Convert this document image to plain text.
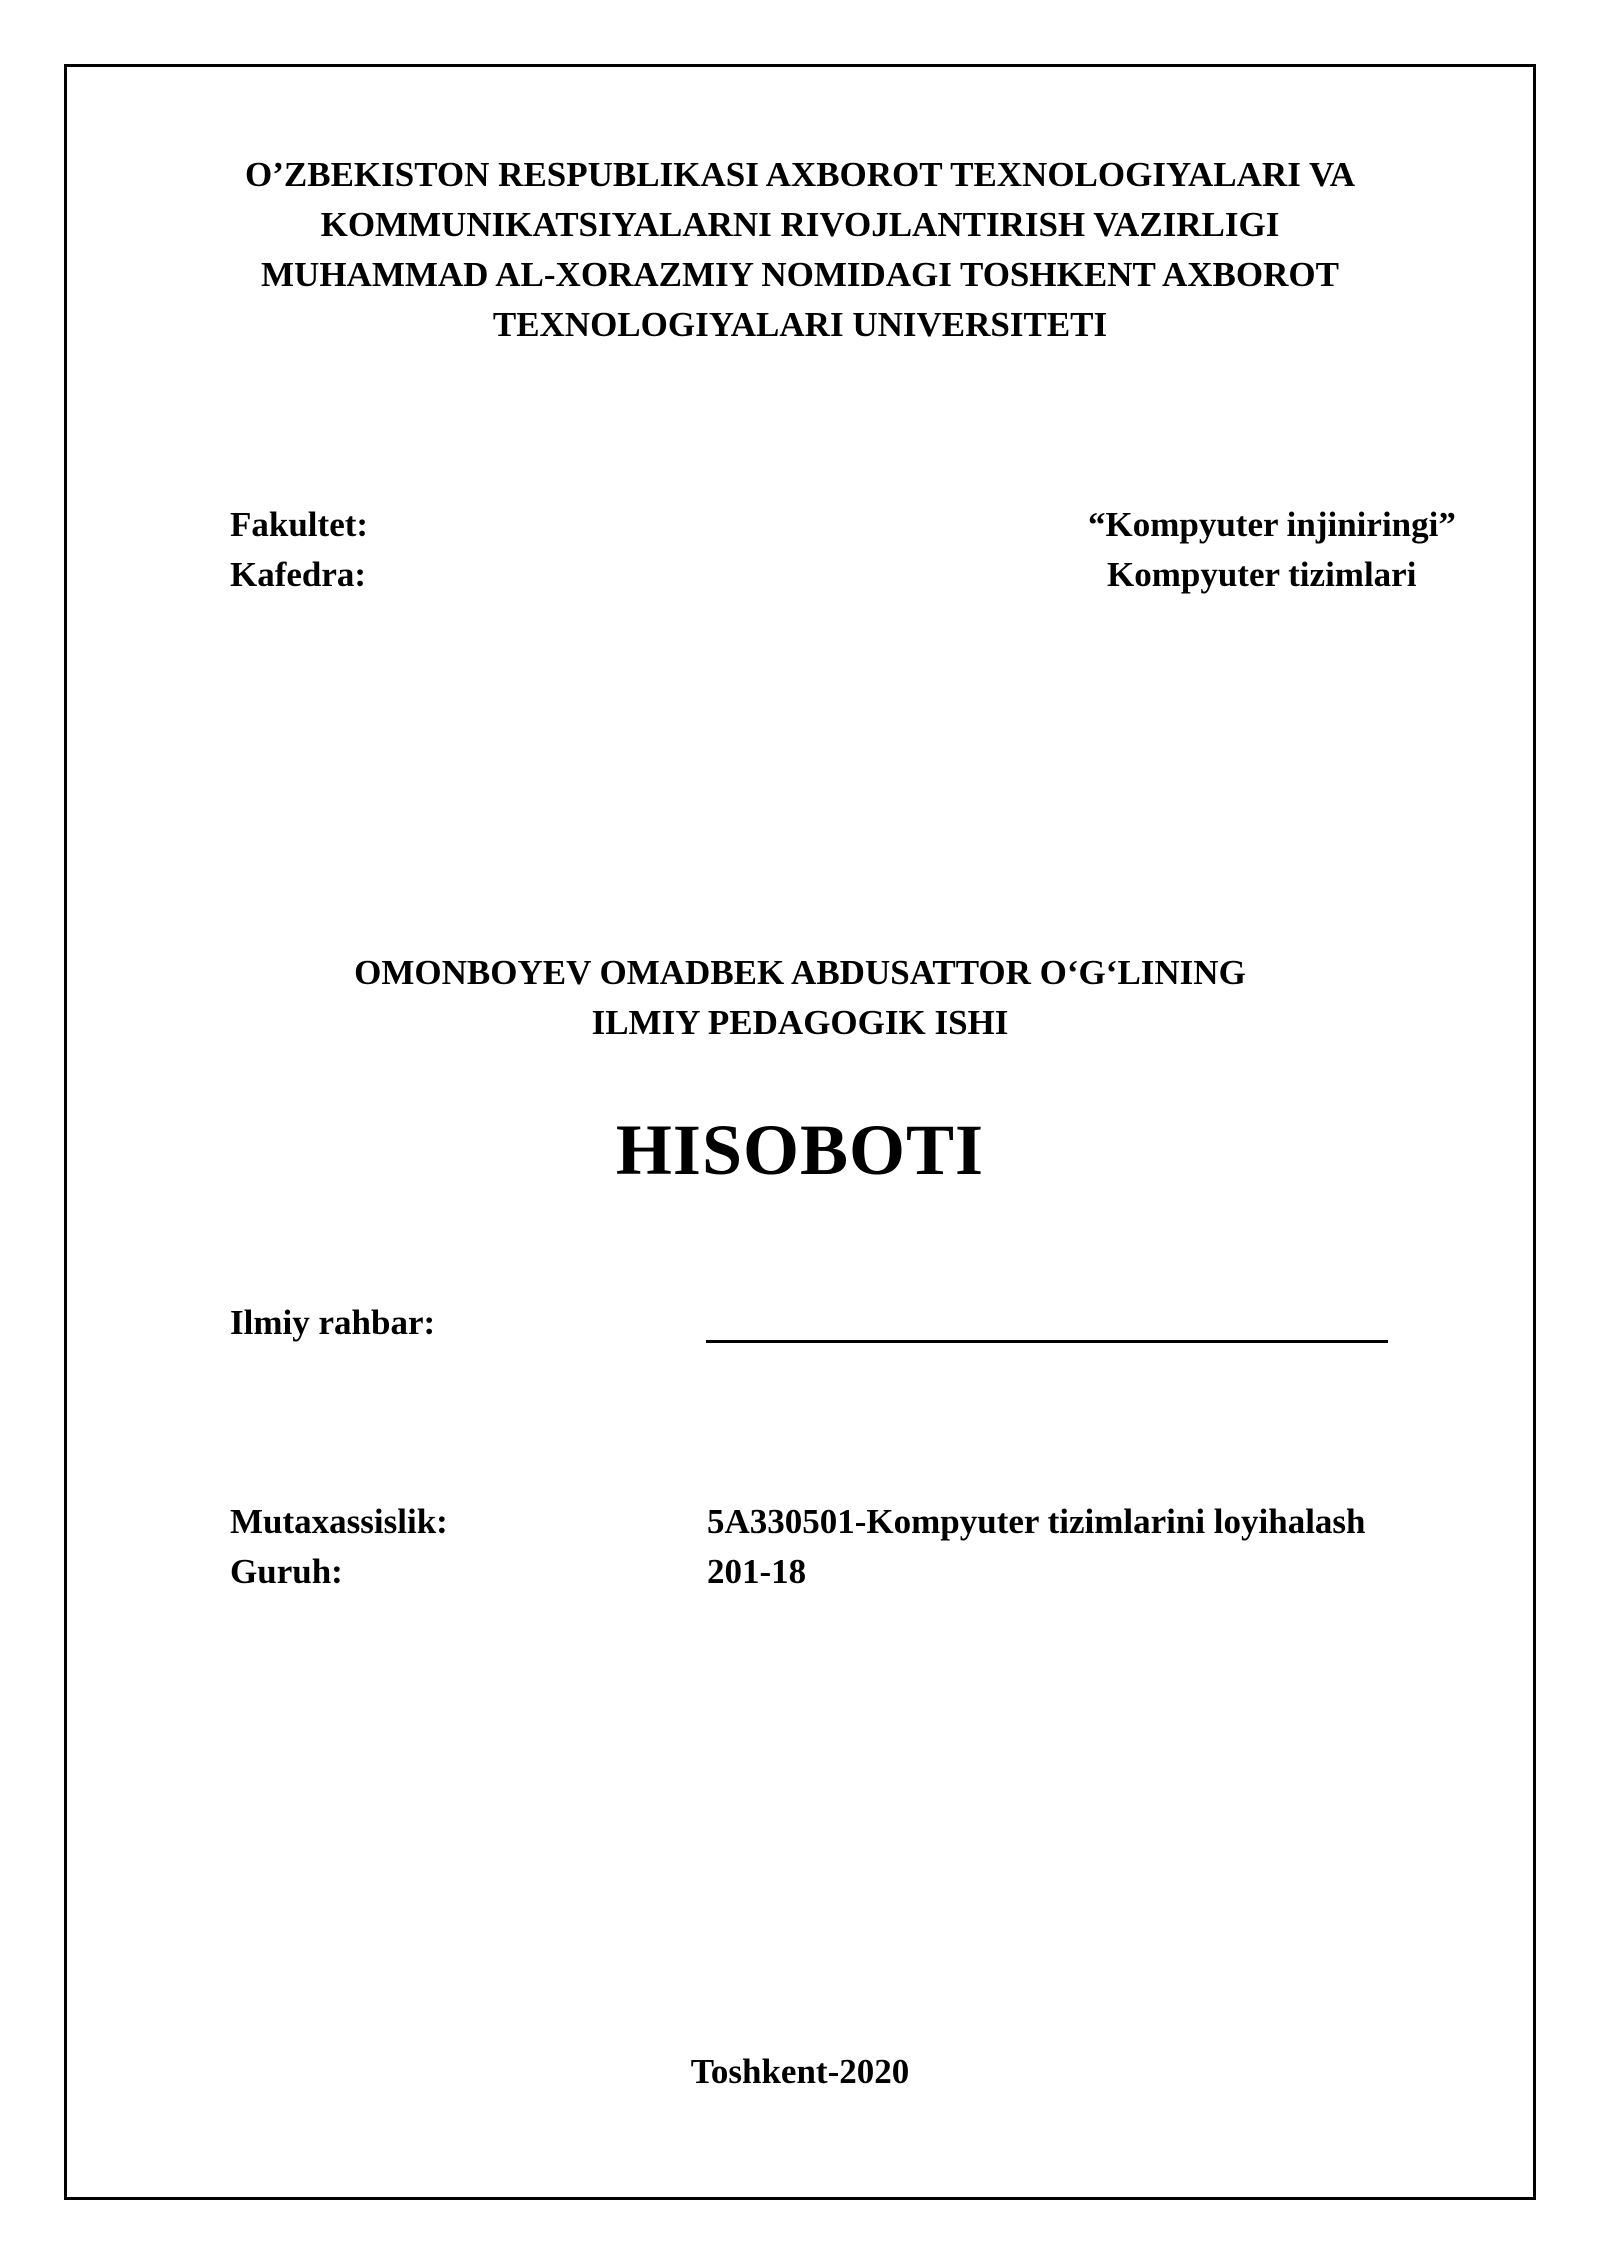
O’ZBEKISTON RESPUBLIKASI AXBOROT TEXNOLOGIYALARI VA
KOMMUNIKATSIYALARNI RIVOJLANTIRISH VAZIRLIGI
MUHAMMAD AL-XORAZMIY NOMIDAGI TOSHKENT AXBOROT
TEXNOLOGIYALARI UNIVERSITETI
Fakultet:	“Kompyuter injiniringi”
Kafedra:	Kompyuter tizimlari
OMONBOYEV OMADBEK ABDUSATTOR O‘G‘LINING
ILMIY PEDAGOGIK ISHI
HISOBOTI
Ilmiy rahbar:
Mutaxassislik:	5A330501-Kompyuter tizimlarini loyihalash
Guruh:	201-18
Toshkent-2020
